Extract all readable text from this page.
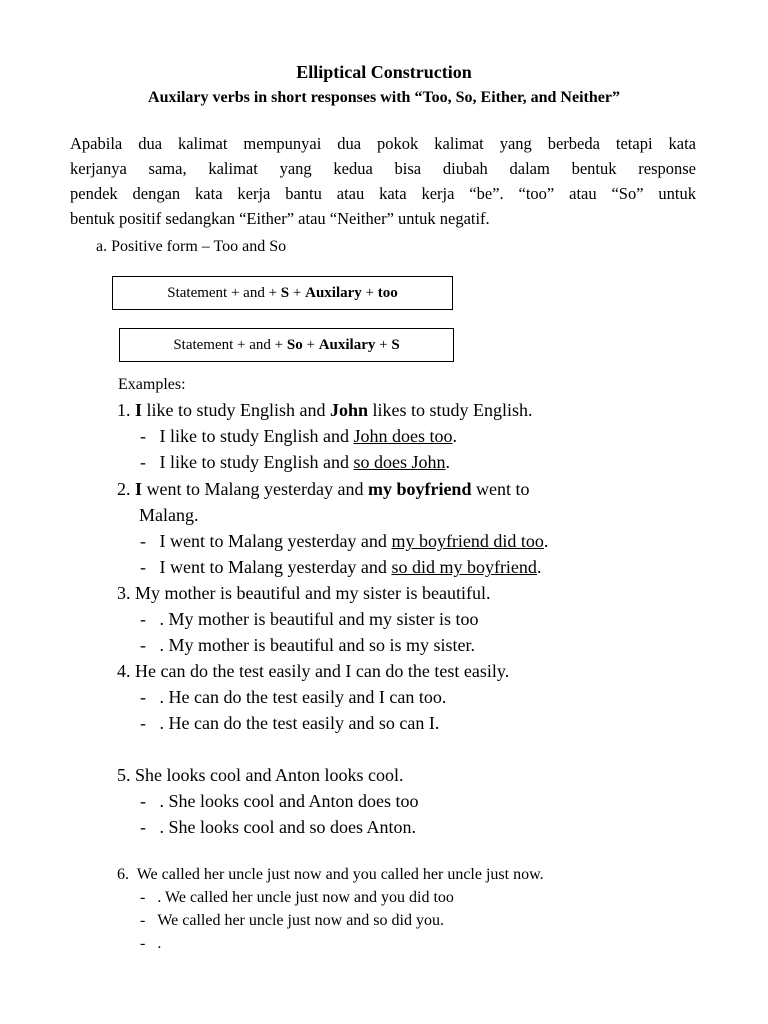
Elliptical Construction
Auxilary verbs in short responses with “Too, So, Either, and Neither”
Apabila dua kalimat mempunyai dua pokok kalimat yang berbeda tetapi kata
kerjanya sama, kalimat yang kedua bisa diubah dalam bentuk response
pendek dengan kata kerja bantu atau kata kerja “be”. “too” atau “So” untuk
bentuk positif sedangkan “Either” atau “Neither” untuk negatif.
a. Positive form – Too and So
Statement + and + S + Auxilary + too
Statement + and + So + Auxilary + S
Examples:
1. I like to study English and John likes to study English.
- I like to study English and John does too.
- I like to study English and so does John.
2. I went to Malang yesterday and my boyfriend went to
Malang.
- I went to Malang yesterday and my boyfriend did too.
- I went to Malang yesterday and so did my boyfriend.
3. My mother is beautiful and my sister is beautiful.
- . My mother is beautiful and my sister is too
- . My mother is beautiful and so is my sister.
4. He can do the test easily and I can do the test easily.
- . He can do the test easily and I can too.
- . He can do the test easily and so can I.
5. She looks cool and Anton looks cool.
- . She looks cool and Anton does too
- . She looks cool and so does Anton.
6. We called her uncle just now and you called her uncle just now.
- . We called her uncle just now and you did too
- We called her uncle just now and so did you.
- .
